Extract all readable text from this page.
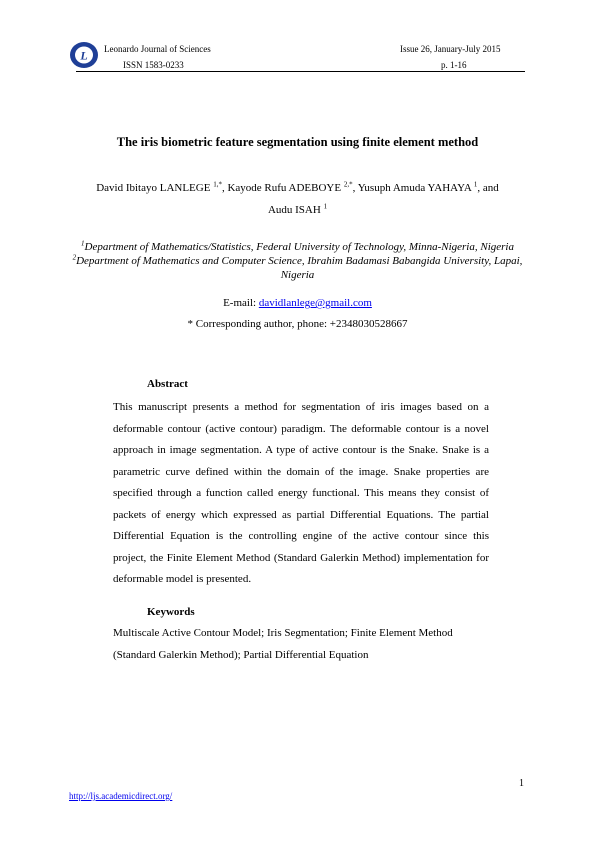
L Leonardo Journal of Sciences
ISSN 1583-0233
Issue 26, January-July 2015
p. 1-16
The iris biometric feature segmentation using finite element method
David Ibitayo LANLEGE $^{1,*}$, Kayode Rufu ADEBOYE $^{2,*}$, Yusuph Amuda YAHAYA $^1$, and
Audu ISAH $^1$
$^1$Department of Mathematics/Statistics, Federal University of Technology, Minna-Nigeria, Nigeria
$^2$Department of Mathematics and Computer Science, Ibrahim Badamasi Babangida University, Lapai, Nigeria
E-mail: davidlanlege@gmail.com
* Corresponding author, phone: +2348030528667
Abstract
This manuscript presents a method for segmentation of iris images based on a deformable contour (active contour) paradigm. The deformable contour is a novel approach in image segmentation. A type of active contour is the Snake. Snake is a parametric curve defined within the domain of the image. Snake properties are specified through a function called energy functional. This means they consist of packets of energy which expressed as partial Differential Equations. The partial Differential Equation is the controlling engine of the active contour since this project, the Finite Element Method (Standard Galerkin Method) implementation for deformable model is presented.
Keywords
Multiscale Active Contour Model; Iris Segmentation; Finite Element Method (Standard Galerkin Method); Partial Differential Equation
1
http://ljs.academicdirect.org/
